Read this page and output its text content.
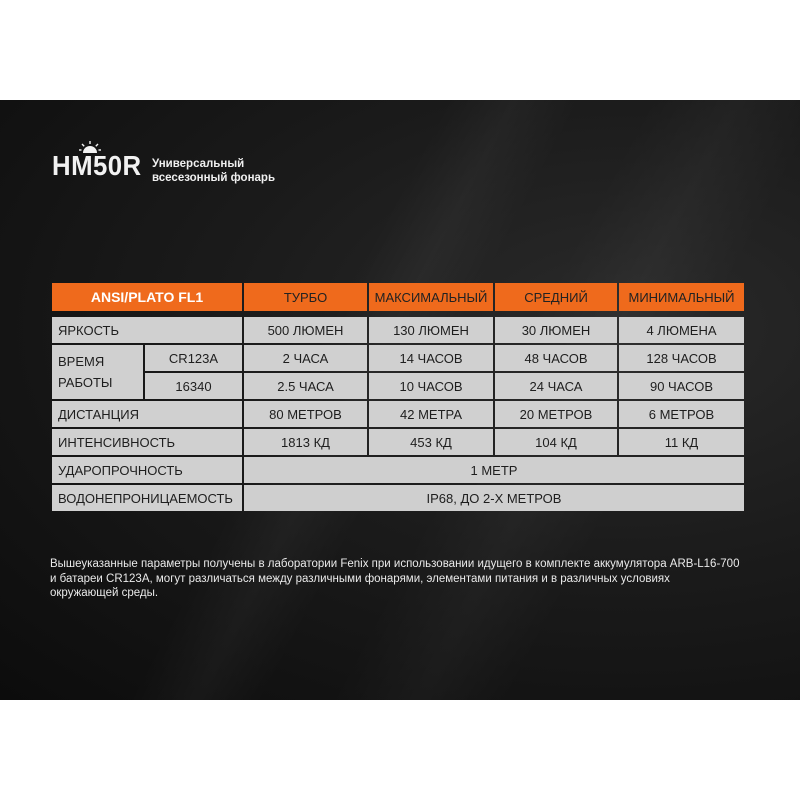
HM50R Универсальный
всесезонный фонарь
ANSI/PLATO FL1		ТУРБО	МАКСИМАЛЬНЫЙ	СРЕДНИЙ	МИНИМАЛЬНЫЙ

ЯРКОСТЬ		500 ЛЮМЕН	130 ЛЮМЕН	30 ЛЮМЕН	4 ЛЮМЕНА

ВРЕМЯ
РАБОТЫ	CR123A	2 ЧАСА	14 ЧАСОВ	48 ЧАСОВ	128 ЧАСОВ
	16340	2.5 ЧАСА	10 ЧАСОВ	24 ЧАСА	90 ЧАСОВ
ДИСТАНЦИЯ		80 МЕТРОВ	42 МЕТРА	20 МЕТРОВ	6 МЕТРОВ
ИНТЕНСИВНОСТЬ		1813 КД	453 КД	104 КД	11 КД
УДАРОПРОЧНОСТЬ		1 МЕТР			
ВОДОНЕПРОНИЦАЕМОСТЬ		IP68, ДО 2-Х МЕТРОВ			
Вышеуказанные параметры получены в лаборатории Fenix при использовании идущего в комплекте аккумулятора ARB-L16-700
и батареи CR123A, могут различаться между различными фонарями, элементами питания и в различных условиях
окружающей среды.
